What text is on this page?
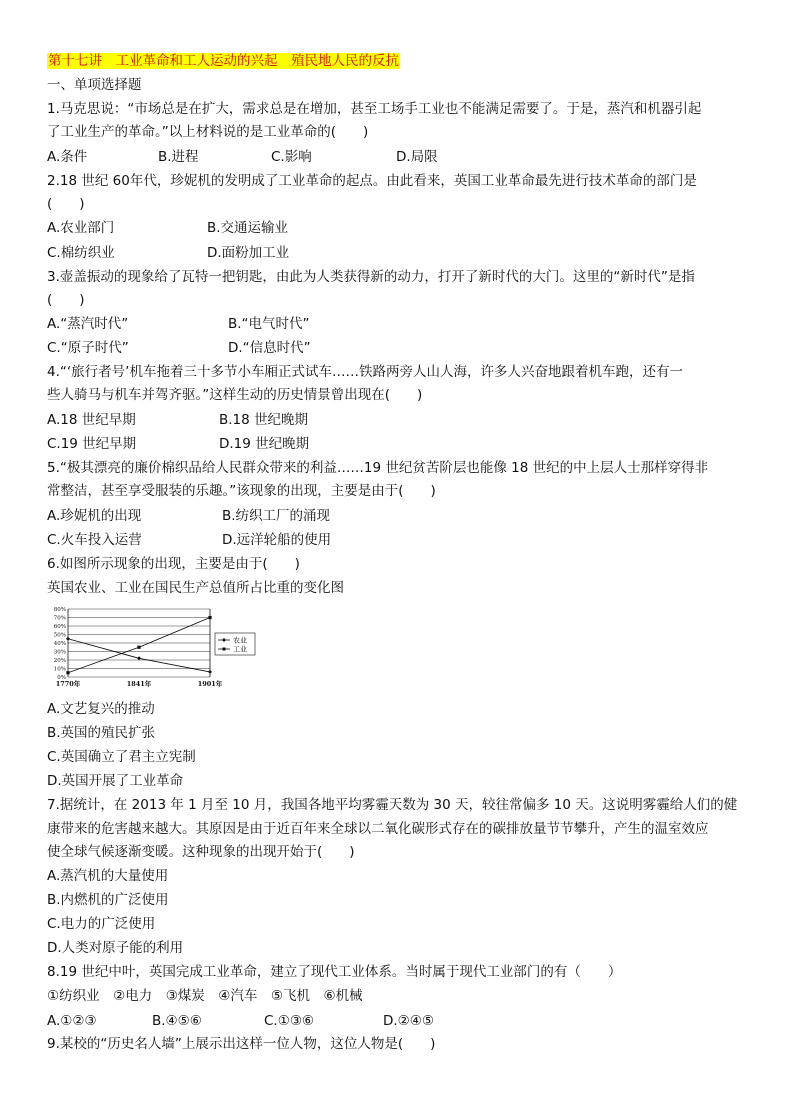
第十七讲　工业革命和工人运动的兴起　殖民地人民的反抗
一、单项选择题
1.马克思说：“市场总是在扩大，需求总是在增加，甚至工场手工业也不能满足需要了。于是，蒸汽和机器引起
了工业生产的革命。”以上材料说的是工业革命的(　　)
A.条件	B.进程	C.影响	D.局限
2.18 世纪 60年代，珍妮机的发明成了工业革命的起点。由此看来，英国工业革命最先进行技术革命的部门是
(　　)
A.农业部门	B.交通运输业
C.棉纺织业	D.面粉加工业
3.壶盖振动的现象给了瓦特一把钥匙，由此为人类获得新的动力，打开了新时代的大门。这里的“新时代”是指
(　　)
A.“蒸汽时代”	B.“电气时代”
C.“原子时代”	D.“信息时代”
4.“‘旅行者号’机车拖着三十多节小车厢正式试车……铁路两旁人山人海，许多人兴奋地跟着机车跑，还有一
些人骑马与机车并驾齐驱。”这样生动的历史情景曾出现在(　　)
A.18 世纪早期	B.18 世纪晚期
C.19 世纪早期	D.19 世纪晚期
5.“极其漂亮的廉价棉织品给人民群众带来的利益……19 世纪贫苦阶层也能像 18 世纪的中上层人士那样穿得非
常整洁，甚至享受服装的乐趣。”该现象的出现，主要是由于(　　)
A.珍妮机的出现	B.纺织工厂的涌现
C.火车投入运营	D.远洋轮船的使用
6.如图所示现象的出现，主要是由于(　　)
英国农业、工业在国民生产总值所占比重的变化图
0%
10%
20%
30%
40%
50%
60%
70%
80%
1770年	1841年	1901年
农业
工业
A.文艺复兴的推动
B.英国的殖民扩张
C.英国确立了君主立宪制
D.英国开展了工业革命
7.据统计，在 2013 年 1 月至 10 月，我国各地平均雾霾天数为 30 天，较往常偏多 10 天。这说明雾霾给人们的健
康带来的危害越来越大。其原因是由于近百年来全球以二氧化碳形式存在的碳排放量节节攀升，产生的温室效应
使全球气候逐渐变暖。这种现象的出现开始于(　　)
A.蒸汽机的大量使用
B.内燃机的广泛使用
C.电力的广泛使用
D.人类对原子能的利用
8.19 世纪中叶，英国完成工业革命，建立了现代工业体系。当时属于现代工业部门的有（　　）
①纺织业　②电力　③煤炭　④汽车　⑤飞机　⑥机械
A.①②③	B.④⑤⑥	C.①③⑥	D.②④⑤
9.某校的“历史名人墙”上展示出这样一位人物，这位人物是(　　)
